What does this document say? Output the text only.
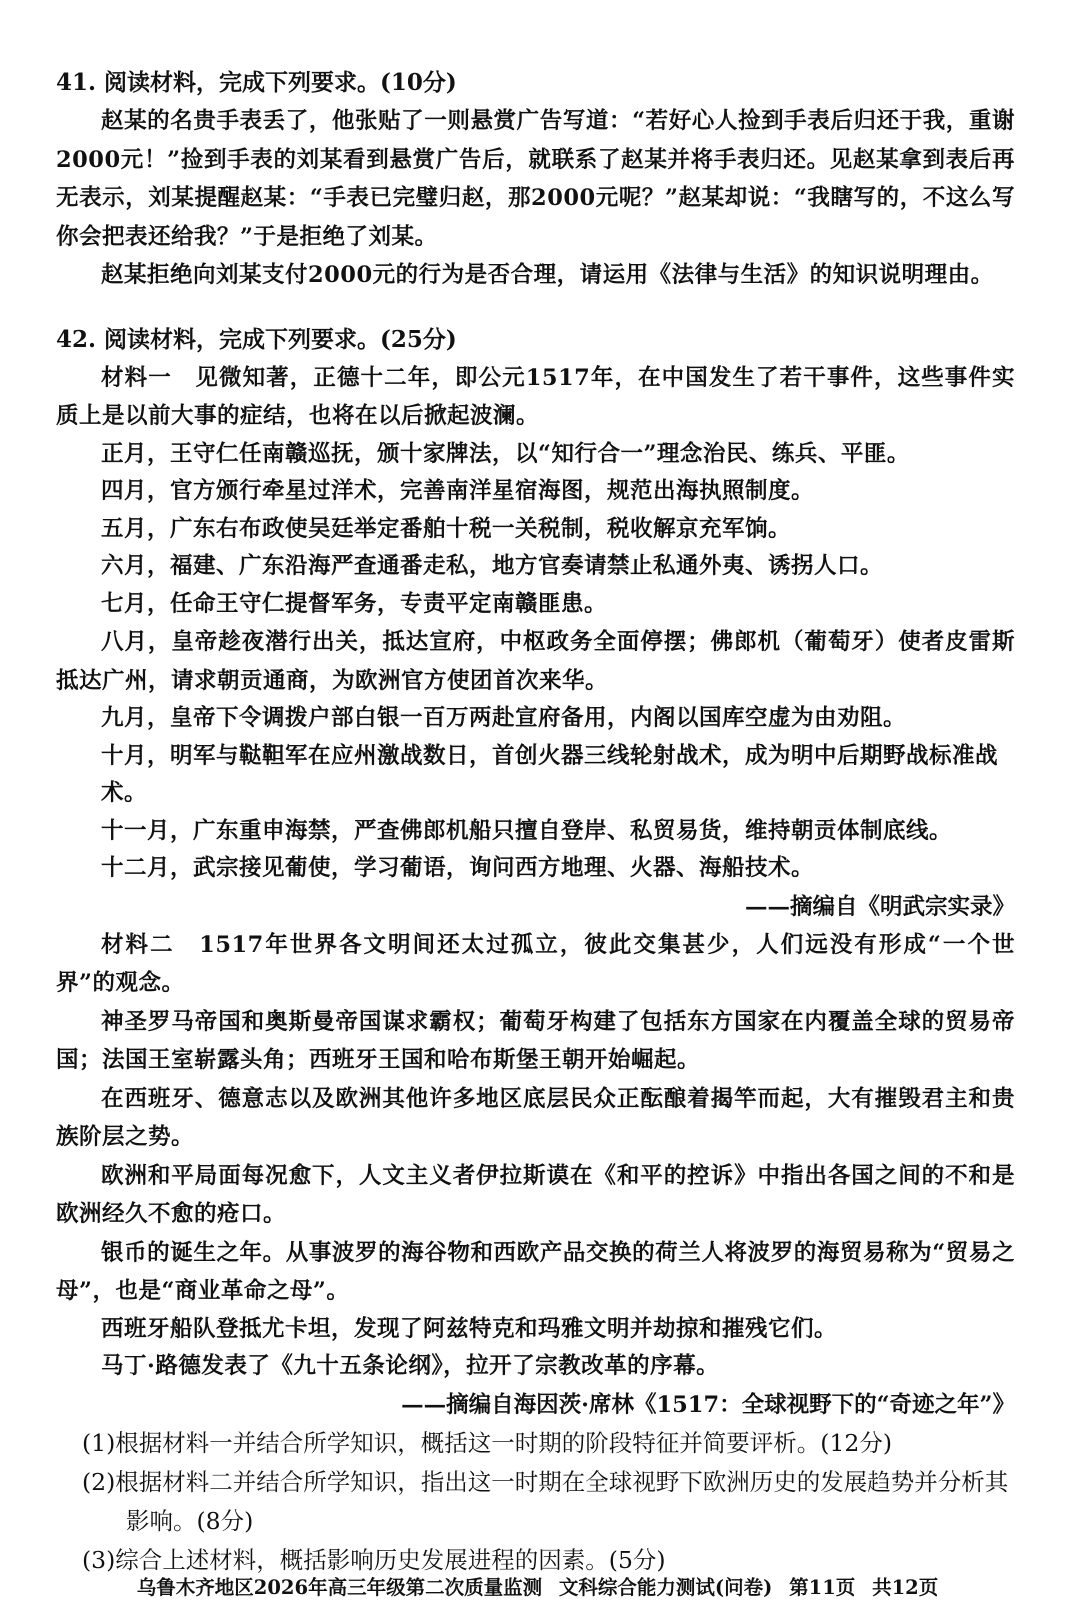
41. 阅读材料，完成下列要求。(10分)

赵某的名贵手表丢了，他张贴了一则悬赏广告写道：“若好心人捡到手表后归还于我，重谢2000元！”捡到手表的刘某看到悬赏广告后，就联系了赵某并将手表归还。见赵某拿到表后再无表示，刘某提醒赵某：“手表已完璧归赵，那2000元呢？”赵某却说：“我瞎写的，不这么写你会把表还给我？”于是拒绝了刘某。

赵某拒绝向刘某支付2000元的行为是否合理，请运用《法律与生活》的知识说明理由。

42. 阅读材料，完成下列要求。(25分)

材料一　见微知著，正德十二年，即公元1517年，在中国发生了若干事件，这些事件实质上是以前大事的症结，也将在以后掀起波澜。

正月，王守仁任南赣巡抚，颁十家牌法，以“知行合一”理念治民、练兵、平匪。

四月，官方颁行牵星过洋术，完善南洋星宿海图，规范出海执照制度。

五月，广东右布政使吴廷举定番舶十税一关税制，税收解京充军饷。

六月，福建、广东沿海严查通番走私，地方官奏请禁止私通外夷、诱拐人口。

七月，任命王守仁提督军务，专责平定南赣匪患。

八月，皇帝趁夜潜行出关，抵达宣府，中枢政务全面停摆；佛郎机（葡萄牙）使者皮雷斯抵达广州，请求朝贡通商，为欧洲官方使团首次来华。

九月，皇帝下令调拨户部白银一百万两赴宣府备用，内阁以国库空虚为由劝阻。

十月，明军与鞑靼军在应州激战数日，首创火器三线轮射战术，成为明中后期野战标准战术。

十一月，广东重申海禁，严查佛郎机船只擅自登岸、私贸易货，维持朝贡体制底线。

十二月，武宗接见葡使，学习葡语，询问西方地理、火器、海船技术。

——摘编自《明武宗实录》

材料二　1517年世界各文明间还太过孤立，彼此交集甚少，人们远没有形成“一个世界”的观念。

神圣罗马帝国和奥斯曼帝国谋求霸权；葡萄牙构建了包括东方国家在内覆盖全球的贸易帝国；法国王室崭露头角；西班牙王国和哈布斯堡王朝开始崛起。

在西班牙、德意志以及欧洲其他许多地区底层民众正酝酿着揭竿而起，大有摧毁君主和贵族阶层之势。

欧洲和平局面每况愈下，人文主义者伊拉斯谟在《和平的控诉》中指出各国之间的不和是欧洲经久不愈的疮口。

银币的诞生之年。从事波罗的海谷物和西欧产品交换的荷兰人将波罗的海贸易称为“贸易之母”，也是“商业革命之母”。

西班牙船队登抵尤卡坦，发现了阿兹特克和玛雅文明并劫掠和摧残它们。

马丁·路德发表了《九十五条论纲》，拉开了宗教改革的序幕。

——摘编自海因茨·席林《1517：全球视野下的“奇迹之年”》

(1)根据材料一并结合所学知识，概括这一时期的阶段特征并简要评析。(12分)

(2)根据材料二并结合所学知识，指出这一时期在全球视野下欧洲历史的发展趋势并分析其影响。(8分)

(3)综合上述材料，概括影响历史发展进程的因素。(5分)

乌鲁木齐地区2026年高三年级第二次质量监测 文科综合能力测试(问卷) 第11页 共12页
